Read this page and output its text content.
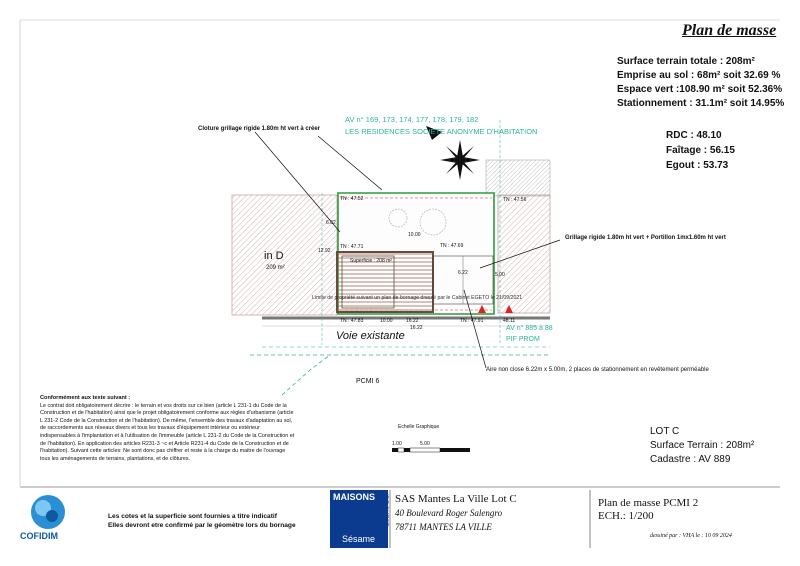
Plan de masse
Surface terrain totale : 208m²
Emprise au sol : 68m² soit 32.69 %
Espace vert :108.90 m² soit 52.36%
Stationnement : 31.1m² soit 14.95%
RDC : 48.10
Faîtage : 56.15
Egout : 53.73
AV n° 169, 173, 174, 177, 178, 179, 182
LES RESIDENCES SOCIETE ANONYME D'HABITATION
Cloture grillage rigide 1.80m ht vert à créer
Grillage rigide 1.80m ht vert + Portillon 1mx1.60m ht vert
Aire non close 6.22m x 5.00m, 2 places de stationnement en revêtement perméable
Voie existante
PCMI 6
Echelle Graphique
1.00	5.00
AV n° 885 à 88
PIF PROM
Superficie : 208 m²
TN : 47.71	TN : 47.69
TN : 47.83	TN : 47.91
TN : 47.52	TN : 47.56
48.11
10.00
10.00	16.22
16.22
6.22
6.02
12.92
5.00
in D
209 m²
Limite de propriété suivant un plan de bornage dressé par le Cabinet EGETO le 21/09/2021
Conformément aux texte suivant :
Le contrat doit obligatoirement décrire : le terrain et vos droits sur ce bien (article L 231-1 du Code de la Construction et de l'habitation) ainsi que le projet obligatoirement conforme aux règles d'urbanisme (article L 231-2 Code de la Construction et de l'habitation). De même, l'ensemble des travaux d'adaptation au sol, de raccordements aux réseaux divers et tous les travaux d'équipement intérieur ou extérieur indispensables à l'implantation et à l'utilisation de l'immeuble (article L 231-2 du Code de la Construction et de l'habitation). En application des articles R231-3 ~c et Article R231-4 du Code de la Construction et de l'habitation). Suivant cette articles: Ne sont donc pas chiffrer et reste à la charge du maitre de l'ouvrage tous les aménagements de terrains, plantations, et de clôtures.
LOT C
Surface Terrain : 208m²
Cadastre : AV 889
COFIDIM
Les cotes et la superficie sont fournies a titre indicatif
Elles devront etre confirmé par le géomètre lors du bornage
MAISONS
Sésame
IDF OUEST SAS Mantes La Ville Lot C
40 Boulevard Roger Salengro
78711 MANTES LA VILLE
Plan de masse PCMI 2
ECH.: 1/200
dessiné par : VHA le : 10 09 2024
